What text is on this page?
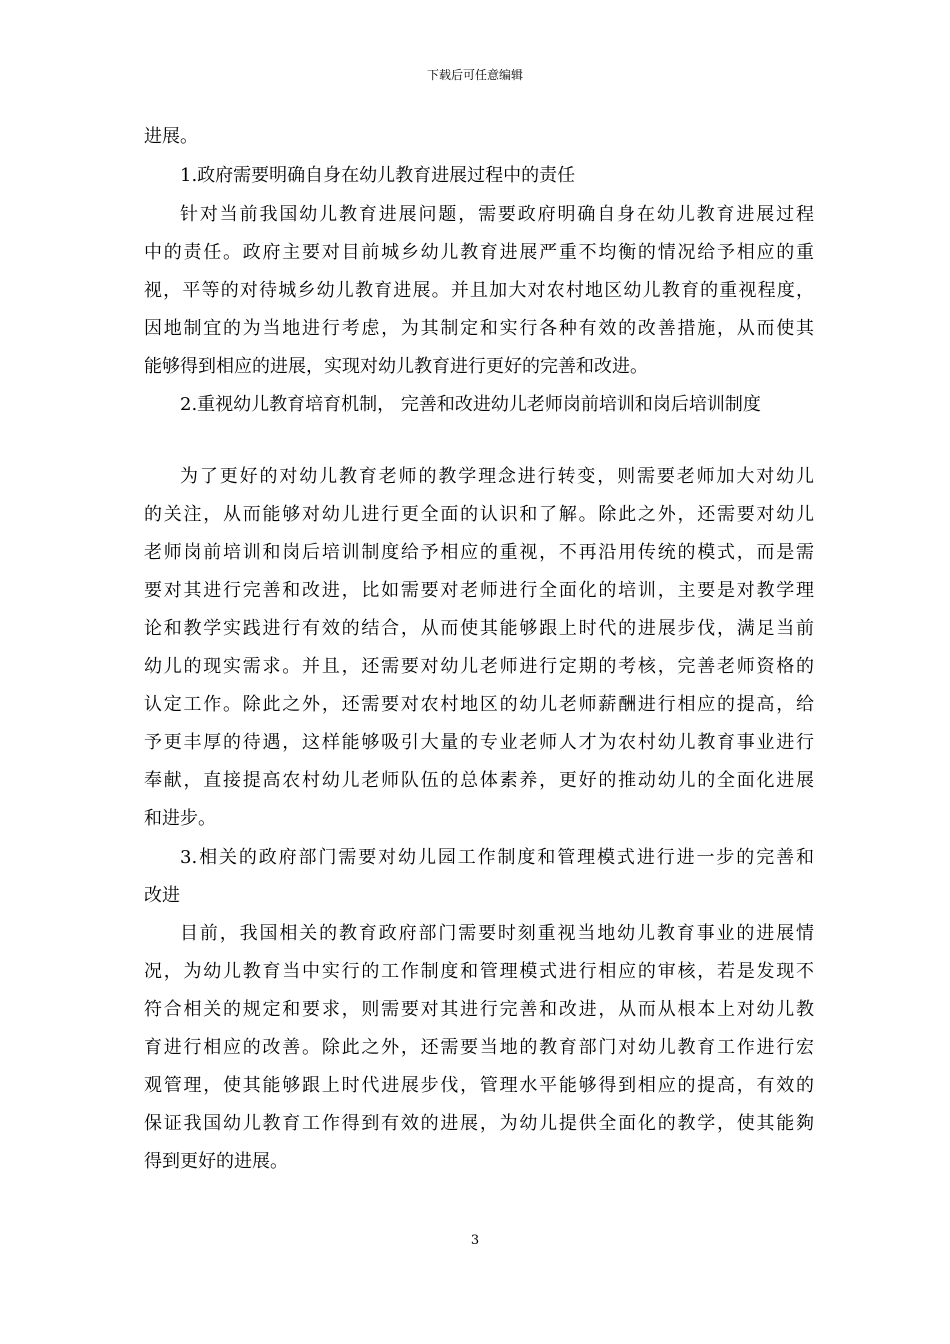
下载后可任意编辑
进展。
1.政府需要明确自身在幼儿教育进展过程中的责任
针对当前我国幼儿教育进展问题，需要政府明确自身在幼儿教育进展过程
中的责任。政府主要对目前城乡幼儿教育进展严重不均衡的情况给予相应的重
视，平等的对待城乡幼儿教育进展。并且加大对农村地区幼儿教育的重视程度，
因地制宜的为当地进行考虑，为其制定和实行各种有效的改善措施，从而使其
能够得到相应的进展，实现对幼儿教育进行更好的完善和改进。
2.重视幼儿教育培育机制， 完善和改进幼儿老师岗前培训和岗后培训制度
为了更好的对幼儿教育老师的教学理念进行转变，则需要老师加大对幼儿
的关注，从而能够对幼儿进行更全面的认识和了解。除此之外，还需要对幼儿
老师岗前培训和岗后培训制度给予相应的重视，不再沿用传统的模式，而是需
要对其进行完善和改进，比如需要对老师进行全面化的培训，主要是对教学理
论和教学实践进行有效的结合，从而使其能够跟上时代的进展步伐，满足当前
幼儿的现实需求。并且，还需要对幼儿老师进行定期的考核，完善老师资格的
认定工作。除此之外，还需要对农村地区的幼儿老师薪酬进行相应的提高，给
予更丰厚的待遇，这样能够吸引大量的专业老师人才为农村幼儿教育事业进行
奉献，直接提高农村幼儿老师队伍的总体素养，更好的推动幼儿的全面化进展
和进步。
3.相关的政府部门需要对幼儿园工作制度和管理模式进行进一步的完善和
改进
目前，我国相关的教育政府部门需要时刻重视当地幼儿教育事业的进展情
况，为幼儿教育当中实行的工作制度和管理模式进行相应的审核，若是发现不
符合相关的规定和要求，则需要对其进行完善和改进，从而从根本上对幼儿教
育进行相应的改善。除此之外，还需要当地的教育部门对幼儿教育工作进行宏
观管理，使其能够跟上时代进展步伐，管理水平能够得到相应的提高，有效的
保证我国幼儿教育工作得到有效的进展，为幼儿提供全面化的教学，使其能夠
得到更好的进展。
3
